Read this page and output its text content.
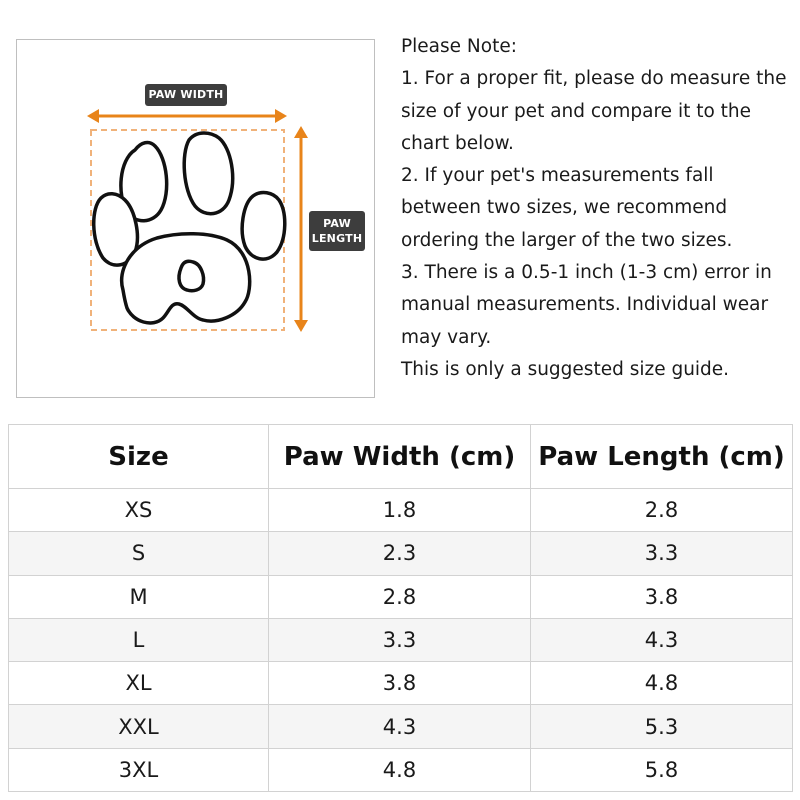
PAW WIDTH
PAW
LENGTH

Please Note:

1. For a proper fit, please do measure the size of your pet and compare it to the chart below.

2. If your pet's measurements fall between two sizes, we recommend ordering the larger of the two sizes.

3. There is a 0.5-1 inch (1-3 cm) error in manual measurements. Individual wear may vary.

This is only a suggested size guide.

Size	Paw Width (cm)	Paw Length (cm)
XS	1.8	2.8
S	2.3	3.3
M	2.8	3.8
L	3.3	4.3
XL	3.8	4.8
XXL	4.3	5.3
3XL	4.8	5.8
